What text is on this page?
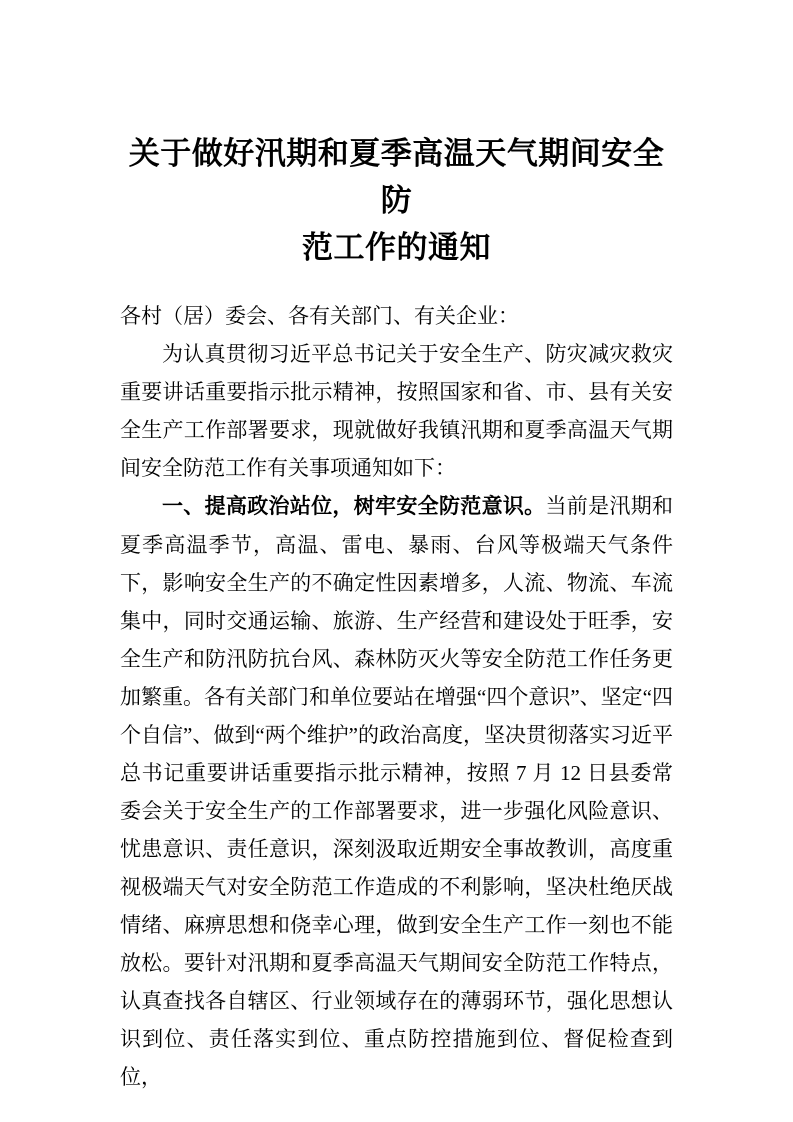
关于做好汛期和夏季高温天气期间安全防
范工作的通知

各村（居）委会、各有关部门、有关企业：

为认真贯彻习近平总书记关于安全生产、防灾减灾救灾重要讲话重要指示批示精神，按照国家和省、市、县有关安全生产工作部署要求，现就做好我镇汛期和夏季高温天气期间安全防范工作有关事项通知如下：

一、提高政治站位，树牢安全防范意识。当前是汛期和夏季高温季节，高温、雷电、暴雨、台风等极端天气条件下，影响安全生产的不确定性因素增多，人流、物流、车流集中，同时交通运输、旅游、生产经营和建设处于旺季，安全生产和防汛防抗台风、森林防灭火等安全防范工作任务更加繁重。各有关部门和单位要站在增强“四个意识”、坚定“四个自信”、做到“两个维护”的政治高度，坚决贯彻落实习近平总书记重要讲话重要指示批示精神，按照 7 月 12 日县委常委会关于安全生产的工作部署要求，进一步强化风险意识、忧患意识、责任意识，深刻汲取近期安全事故教训，高度重视极端天气对安全防范工作造成的不利影响，坚决杜绝厌战情绪、麻痹思想和侥幸心理，做到安全生产工作一刻也不能放松。要针对汛期和夏季高温天气期间安全防范工作特点，认真查找各自辖区、行业领域存在的薄弱环节，强化思想认识到位、责任落实到位、重点防控措施到位、督促检查到位，
